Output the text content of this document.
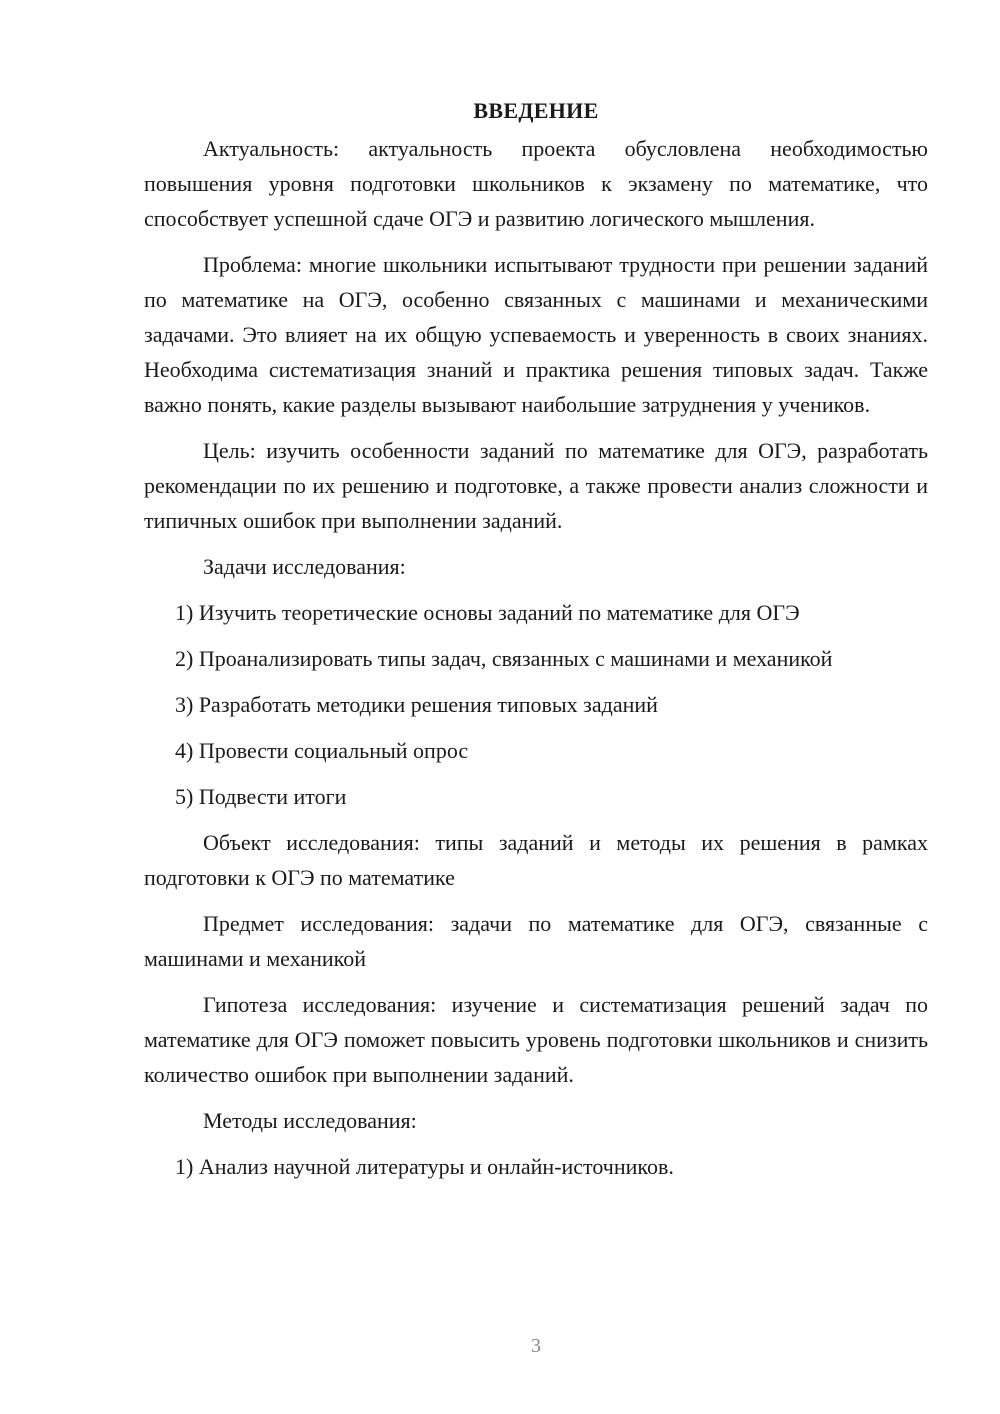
ВВЕДЕНИЕ

Актуальность: актуальность проекта обусловлена необходимостью повышения уровня подготовки школьников к экзамену по математике, что способствует успешной сдаче ОГЭ и развитию логического мышления.

Проблема: многие школьники испытывают трудности при решении заданий по математике на ОГЭ, особенно связанных с машинами и механическими задачами. Это влияет на их общую успеваемость и уверенность в своих знаниях. Необходима систематизация знаний и практика решения типовых задач. Также важно понять, какие разделы вызывают наибольшие затруднения у учеников.

Цель: изучить особенности заданий по математике для ОГЭ, разработать рекомендации по их решению и подготовке, а также провести анализ сложности и типичных ошибок при выполнении заданий.

Задачи исследования:

1) Изучить теоретические основы заданий по математике для ОГЭ
2) Проанализировать типы задач, связанных с машинами и механикой
3) Разработать методики решения типовых заданий
4) Провести социальный опрос
5) Подвести итоги

Объект исследования: типы заданий и методы их решения в рамках подготовки к ОГЭ по математике

Предмет исследования: задачи по математике для ОГЭ, связанные с машинами и механикой

Гипотеза исследования: изучение и систематизация решений задач по математике для ОГЭ поможет повысить уровень подготовки школьников и снизить количество ошибок при выполнении заданий.

Методы исследования:

1) Анализ научной литературы и онлайн-источников.
3
